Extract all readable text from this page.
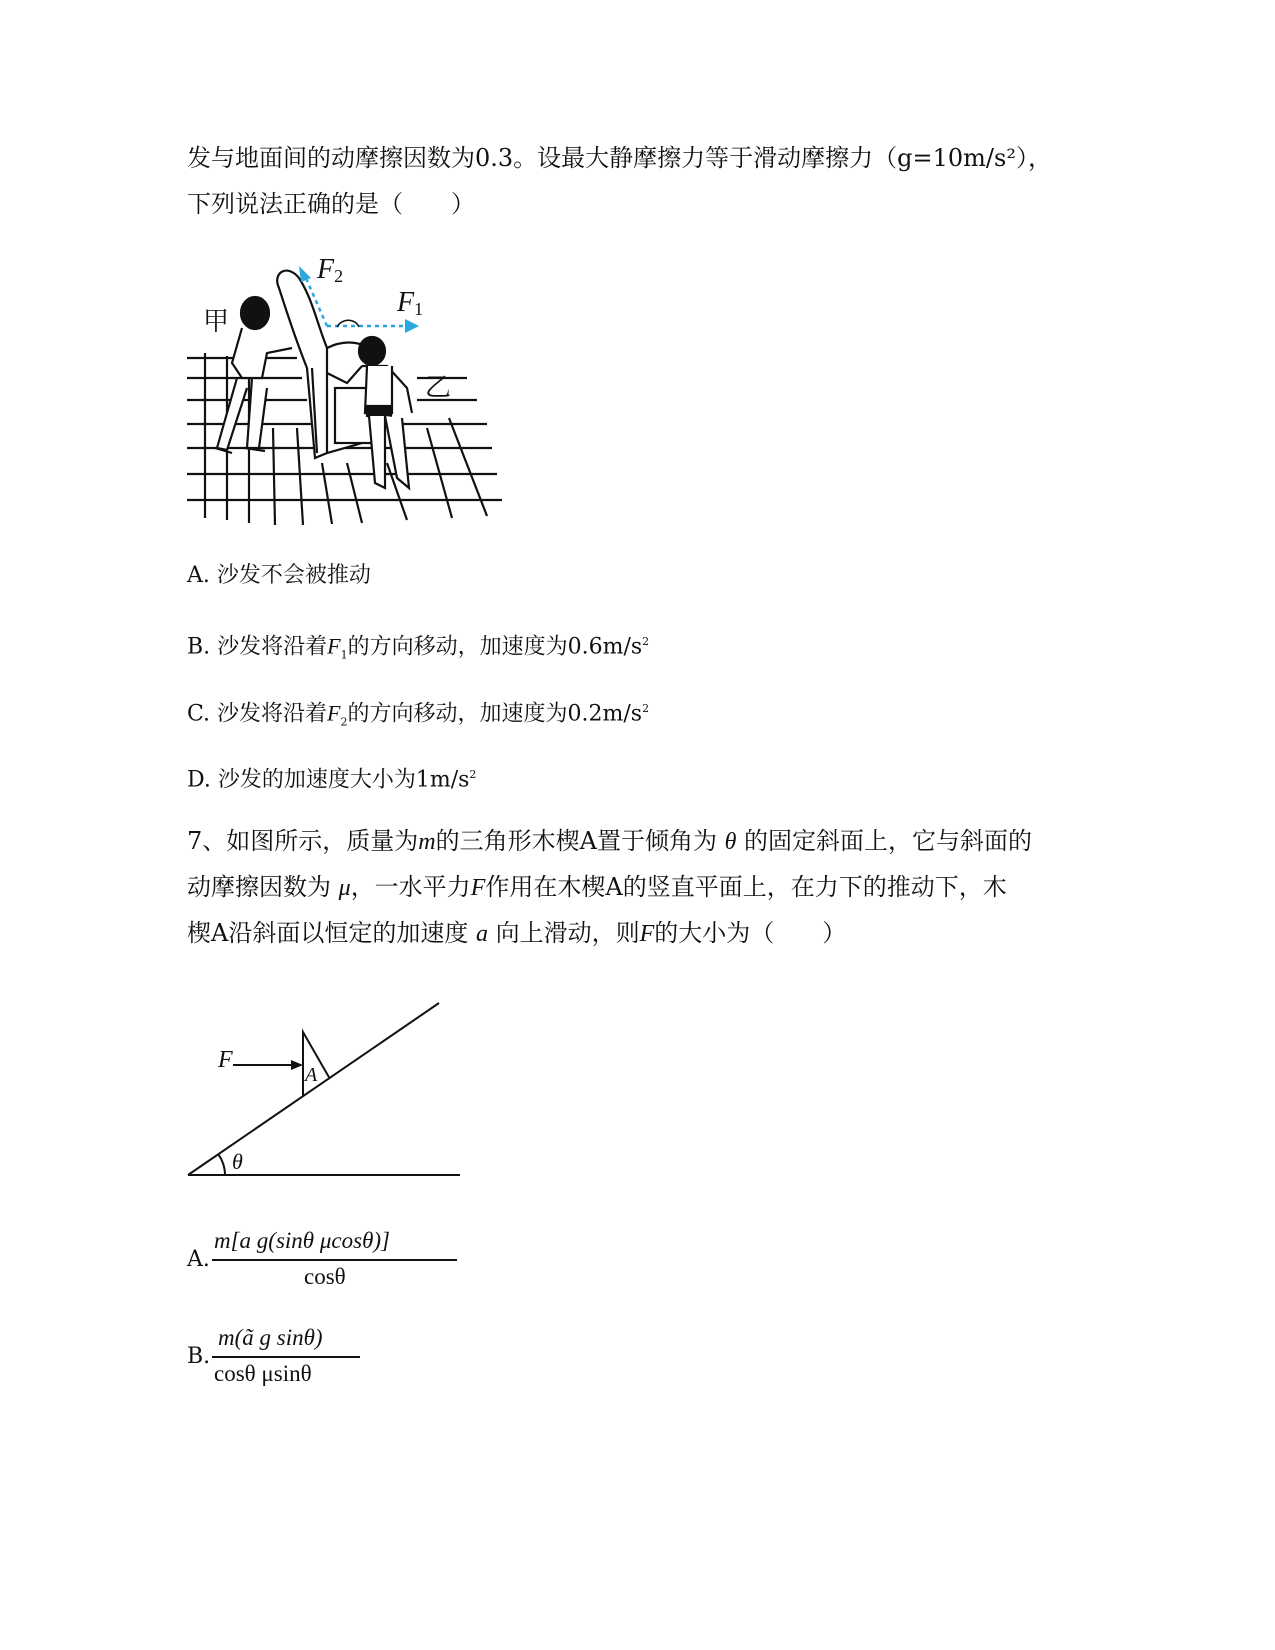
发与地面间的动摩擦因数为0.3。设最大静摩擦力等于滑动摩擦力（g=10m/s²），
下列说法正确的是（　　）
F2
F1
甲
乙
A. 沙发不会被推动
B. 沙发将沿着$F_1$的方向移动，加速度为$0.6m/s^2$
C. 沙发将沿着$F_2$的方向移动，加速度为$0.2m/s^2$
D. 沙发的加速度大小为$1m/s^2$
7、如图所示，质量为m的三角形木楔A置于倾角为 θ 的固定斜面上，它与斜面的
动摩擦因数为 μ，一水平力F作用在木楔A的竖直平面上，在力下的推动下，木
楔A沿斜面以恒定的加速度 a 向上滑动，则F的大小为（　　）
F
A
θ
A.
m[a g(sinθ μcosθ)]
cosθ
B.
m(ã g sinθ)
cosθ μsinθ
